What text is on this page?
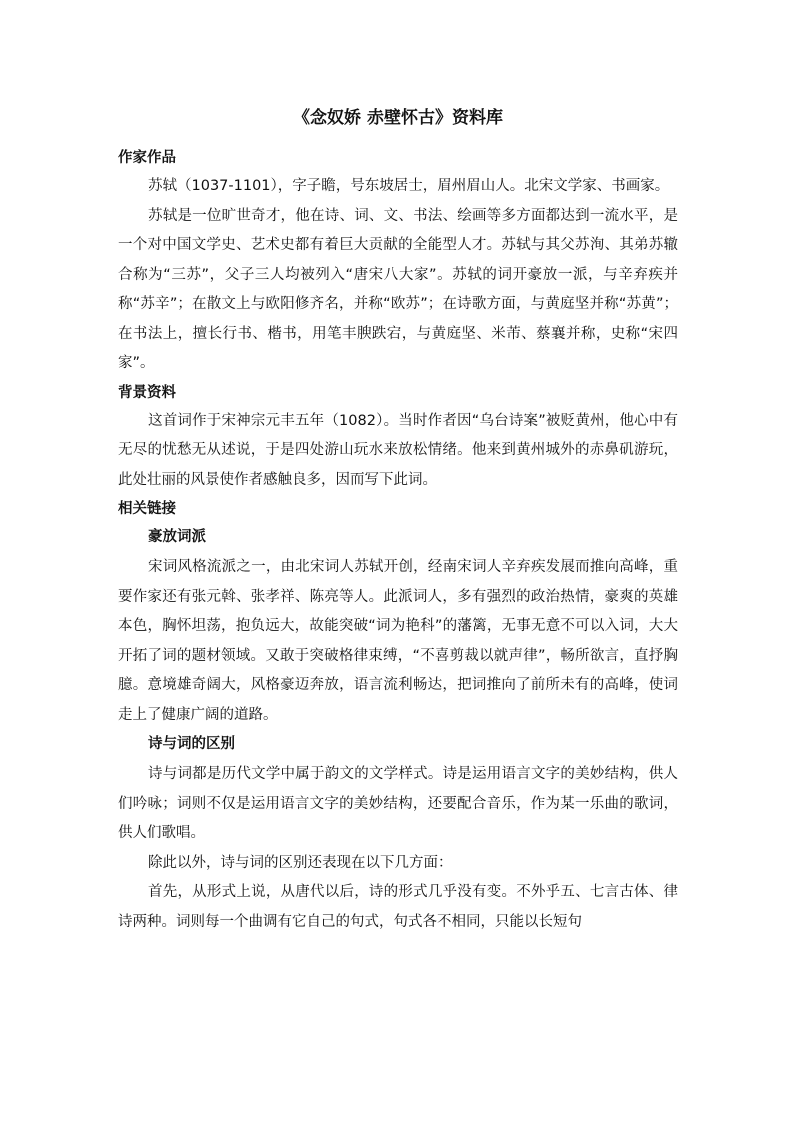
《念奴娇 赤壁怀古》资料库
作家作品

苏轼（1037-1101），字子瞻，号东坡居士，眉州眉山人。北宋文学家、书画家。

苏轼是一位旷世奇才，他在诗、词、文、书法、绘画等多方面都达到一流水平，是一个对中国文学史、艺术史都有着巨大贡献的全能型人才。苏轼与其父苏洵、其弟苏辙合称为“三苏”，父子三人均被列入“唐宋八大家”。苏轼的词开豪放一派，与辛弃疾并称“苏辛”；在散文上与欧阳修齐名，并称“欧苏”；在诗歌方面，与黄庭坚并称“苏黄”；在书法上，擅长行书、楷书，用笔丰腴跌宕，与黄庭坚、米芾、蔡襄并称，史称“宋四家”。

背景资料

这首词作于宋神宗元丰五年（1082）。当时作者因“乌台诗案”被贬黄州，他心中有无尽的忧愁无从述说，于是四处游山玩水来放松情绪。他来到黄州城外的赤鼻矶游玩，此处壮丽的风景使作者感触良多，因而写下此词。

相关链接
豪放词派

宋词风格流派之一，由北宋词人苏轼开创，经南宋词人辛弃疾发展而推向高峰，重要作家还有张元斡、张孝祥、陈亮等人。此派词人，多有强烈的政治热情，豪爽的英雄本色，胸怀坦荡，抱负远大，故能突破“词为艳科”的藩篱，无事无意不可以入词，大大开拓了词的题材领域。又敢于突破格律束缚，“不喜剪裁以就声律”，畅所欲言，直抒胸臆。意境雄奇阔大，风格豪迈奔放，语言流利畅达，把词推向了前所未有的高峰，使词走上了健康广阔的道路。

诗与词的区别

诗与词都是历代文学中属于韵文的文学样式。诗是运用语言文字的美妙结构，供人们吟咏；词则不仅是运用语言文字的美妙结构，还要配合音乐，作为某一乐曲的歌词，供人们歌唱。

除此以外，诗与词的区别还表现在以下几方面：

首先，从形式上说，从唐代以后，诗的形式几乎没有变。不外乎五、七言古体、律诗两种。词则每一个曲调有它自己的句式，句式各不相同，只能以长短句
